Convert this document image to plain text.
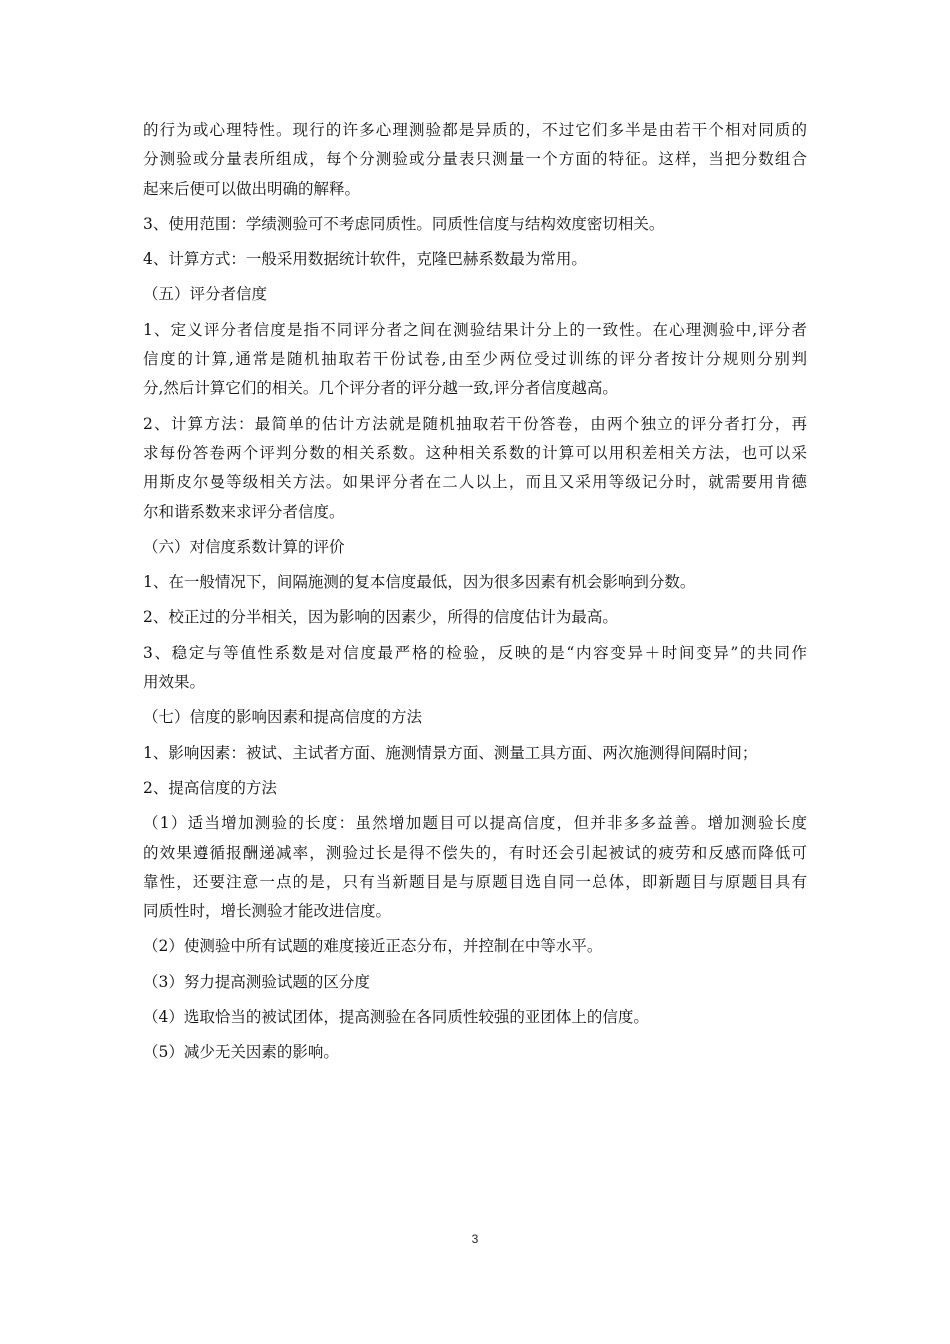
的行为或心理特性。现行的许多心理测验都是异质的，不过它们多半是由若干个相对同质的
分测验或分量表所组成，每个分测验或分量表只测量一个方面的特征。这样，当把分数组合
起来后便可以做出明确的解释。
3、使用范围：学绩测验可不考虑同质性。同质性信度与结构效度密切相关。
4、计算方式：一般采用数据统计软件，克隆巴赫系数最为常用。
（五）评分者信度
1、定义评分者信度是指不同评分者之间在测验结果计分上的一致性。在心理测验中,评分者
信度的计算,通常是随机抽取若干份试卷,由至少两位受过训练的评分者按计分规则分别判
分,然后计算它们的相关。几个评分者的评分越一致,评分者信度越高。
2、计算方法：最简单的估计方法就是随机抽取若干份答卷，由两个独立的评分者打分，再
求每份答卷两个评判分数的相关系数。这种相关系数的计算可以用积差相关方法，也可以采
用斯皮尔曼等级相关方法。如果评分者在二人以上，而且又采用等级记分时，就需要用肯德
尔和谐系数来求评分者信度。
（六）对信度系数计算的评价
1、在一般情况下，间隔施测的复本信度最低，因为很多因素有机会影响到分数。
2、校正过的分半相关，因为影响的因素少，所得的信度估计为最高。
3、稳定与等值性系数是对信度最严格的检验，反映的是“内容变异＋时间变异”的共同作
用效果。
（七）信度的影响因素和提高信度的方法
1、影响因素：被试、主试者方面、施测情景方面、测量工具方面、两次施测得间隔时间；
2、提高信度的方法
（1）适当增加测验的长度：虽然增加题目可以提高信度，但并非多多益善。增加测验长度
的效果遵循报酬递减率，测验过长是得不偿失的，有时还会引起被试的疲劳和反感而降低可
靠性，还要注意一点的是，只有当新题目是与原题目选自同一总体，即新题目与原题目具有
同质性时，增长测验才能改进信度。
（2）使测验中所有试题的难度接近正态分布，并控制在中等水平。
（3）努力提高测验试题的区分度
（4）选取恰当的被试团体，提高测验在各同质性较强的亚团体上的信度。
（5）减少无关因素的影响。
3
